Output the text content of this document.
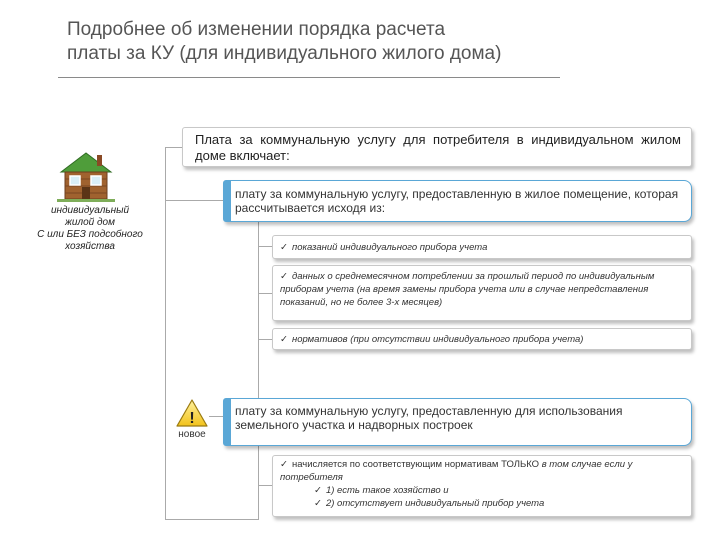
Подробнее об изменении порядка расчета
платы за КУ (для индивидуального жилого дома)
индивидуальный
жилой дом
С или БЕЗ подсобного
хозяйства
Плата за коммунальную услугу для потребителя в индивидуальном жилом доме включает:
плату за коммунальную услугу, предоставленную в жилое помещение, которая рассчитывается исходя из:
✓ показаний индивидуального прибора учета
✓ данных о среднемесячном потреблении за прошлый период по индивидуальным приборам учета (на время замены прибора учета или в случае непредставления показаний, но не более 3-х месяцев)
✓ нормативов (при отсутствии индивидуального прибора учета)
!
новое
плату за коммунальную услугу, предоставленную для использования земельного участка и надворных построек
✓ начисляется по соответствующим нормативам ТОЛЬКО в том случае если у потребителя
✓ 1) есть такое хозяйство и
✓ 2) отсутствует индивидуальный прибор учета
